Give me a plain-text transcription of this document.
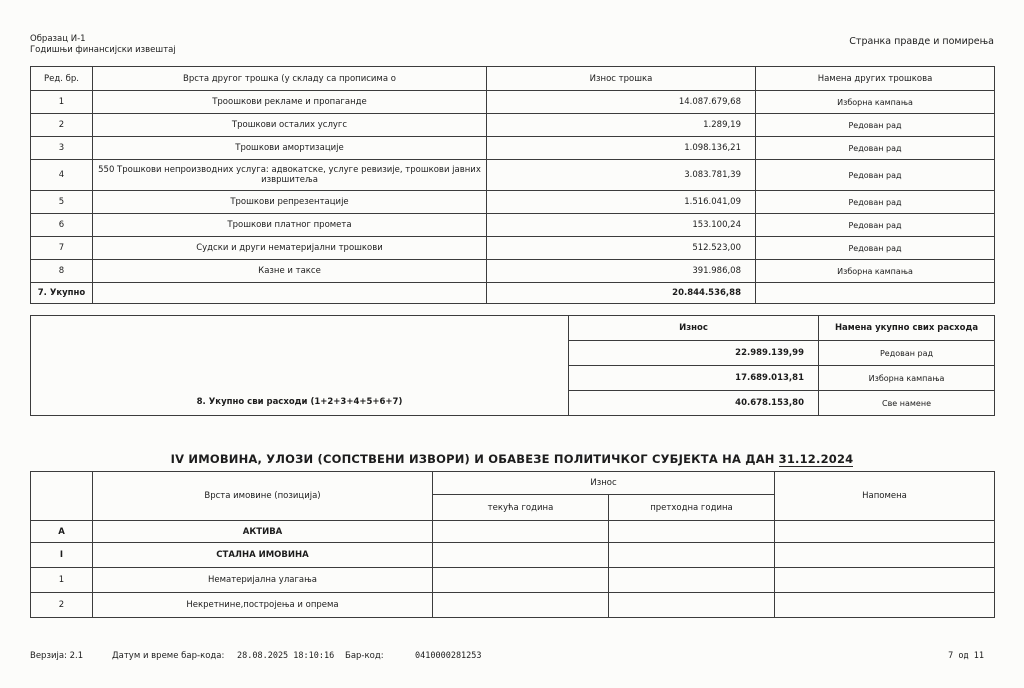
Образац И-1
Годишњи финансијски извештај
Странка правде и помирења
Ред. бр.	Врста другог трошка (у складу са прописима о	Износ трошка	Намена других трошкова
1	Троошкови рекламе и пропаганде	14.087.679,68	Изборна кампања
2	Трошкови осталих услугс	1.289,19	Редован рад
3	Трошкови амортизације	1.098.136,21	Редован рад
4	550 Трошкови непроизводних услуга: адвокатске, услуге ревизије, трошкови јавних извршитеља	3.083.781,39	Редован рад
5	Трошкови репрезентације	1.516.041,09	Редован рад
6	Трошкови платног промета	153.100,24	Редован рад
7	Судски и други нематеријални трошкови	512.523,00	Редован рад
8	Казне и таксе	391.986,08	Изборна кампања
7. Укупно		20.844.536,88	
8. Укупно сви расходи (1+2+3+4+5+6+7)	Износ	Намена укупно свих расхода
	22.989.139,99	Редован рад
	17.689.013,81	Изборна кампања
	40.678.153,80	Све намене
IV ИМОВИНА, УЛОЗИ (СОПСТВЕНИ ИЗВОРИ) И ОБАВЕЗЕ ПОЛИТИЧКОГ СУБЈЕКТА НА ДАН 31.12.2024
	Врста имовине (позиција)	Износ		Напомена
		текућа година	претходна година	
А	АКТИВА			
I	СТАЛНА ИМОВИНА			
1	Нематеријална улагања			
2	Некретнине,постројења и опрема			
Верзија: 2.1	Датум и време бар-кода: 28.08.2025 18:10:16 Бар-код:	0410000281253	7 од 11
